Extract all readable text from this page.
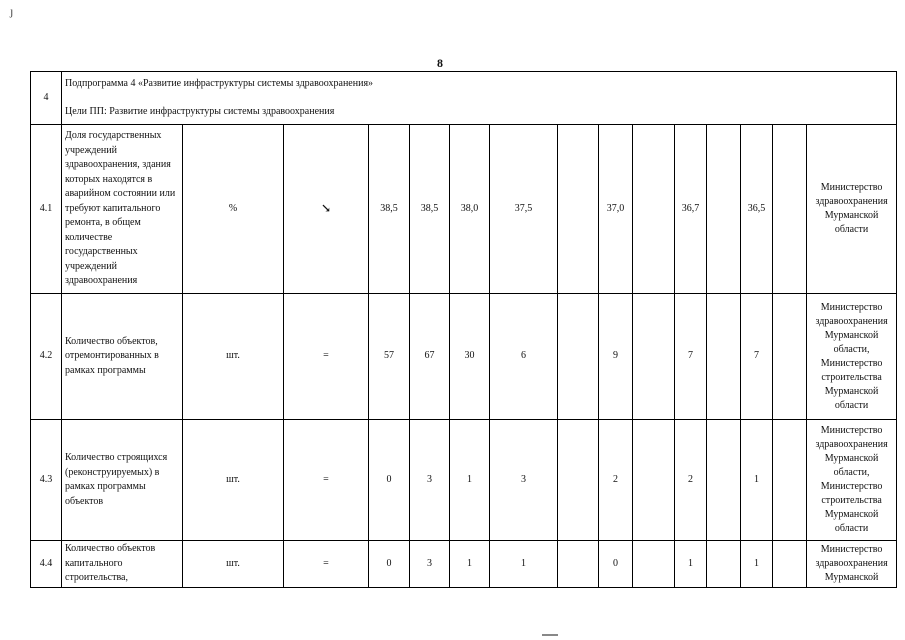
ȷ
8
4	Подпрограмма 4 «Развитие инфраструктуры системы здравоохранения»
Цели ПП: Развитие инфраструктуры системы здравоохранения														

4.1	Доля государственных учреждений здравоохранения, здания которых находятся в аварийном состоянии или требуют капитального ремонта, в общем количестве государственных учреждений здравоохранения	%	↘	38,5	38,5	38,0	37,5		37,0		36,7		36,5		Министерство здравоохранения Мурманской области
4.2	Количество объектов, отремонтированных в рамках программы	шт.	=	57	67	30	6		9		7		7		Министерство здравоохранения Мурманской области, Министерство строительства Мурманской области
4.3	Количество строящихся (реконструируемых) в рамках программы объектов	шт.	=	0	3	1	3		2		2		1		Министерство здравоохранения Мурманской области, Министерство строительства Мурманской области
4.4	Количество объектов капитального строительства,	шт.	=	0	3	1	1		0		1		1		Министерство здравоохранения Мурманской
